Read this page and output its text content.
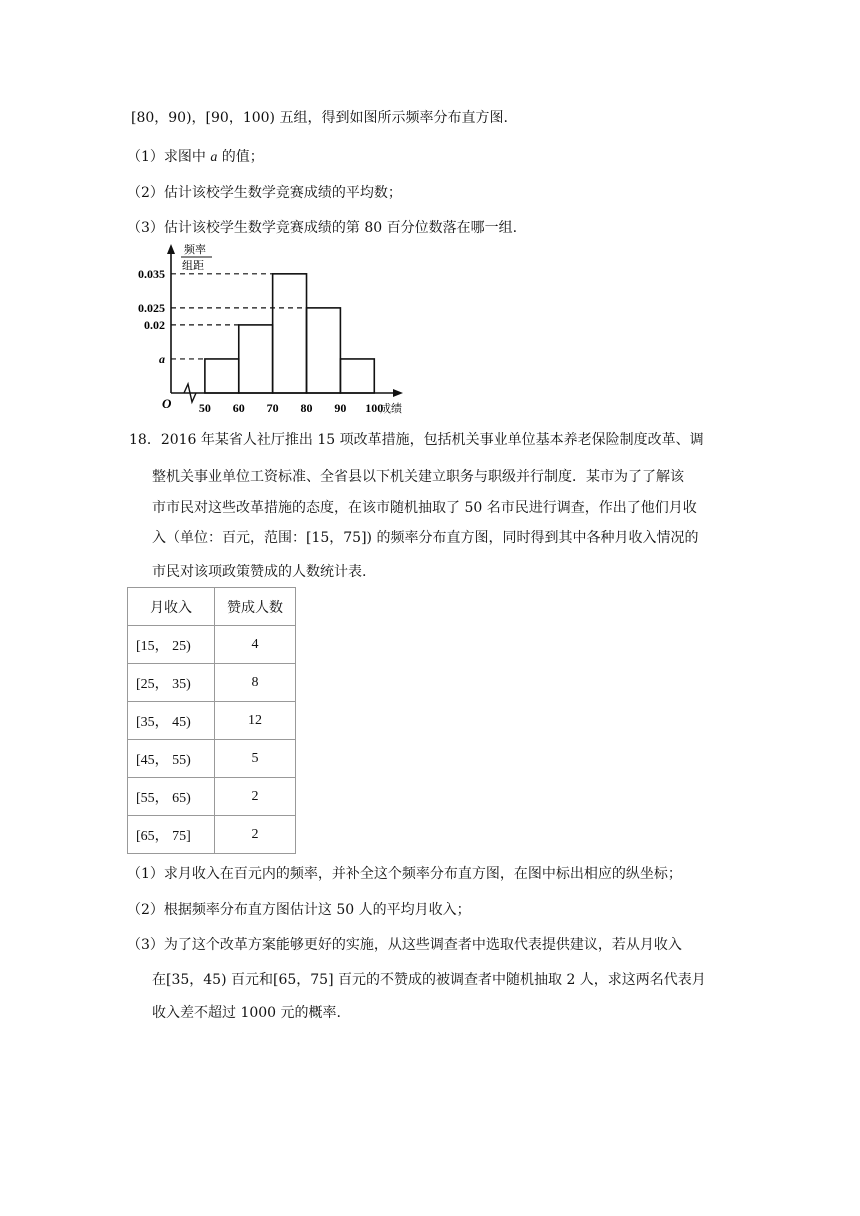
[80，90)，[90，100) 五组，得到如图所示频率分布直方图.
（1）求图中 a 的值；
（2）估计该校学生数学竞赛成绩的平均数；
（3）估计该校学生数学竞赛成绩的第 80 百分位数落在哪一组.
频率
组距
O	成绩
0.035
0.025
0.02
a
50 60 70 80 90 100
18．2016 年某省人社厅推出 15 项改革措施，包括机关事业单位基本养老保险制度改革、调
整机关事业单位工资标准、全省县以下机关建立职务与职级并行制度．某市为了了解该
市市民对这些改革措施的态度，在该市随机抽取了 50 名市民进行调查，作出了他们月收
入（单位：百元，范围：[15，75]) 的频率分布直方图，同时得到其中各种月收入情况的
市民对该项政策赞成的人数统计表.
月收入	赞成人数
[15， 25)	4
[25， 35)	8
[35， 45)	12
[45， 55)	5
[55， 65)	2
[65， 75]	2
（1）求月收入在百元内的频率，并补全这个频率分布直方图，在图中标出相应的纵坐标；
（2）根据频率分布直方图估计这 50 人的平均月收入；
（3）为了这个改革方案能够更好的实施，从这些调查者中选取代表提供建议，若从月收入
在[35，45) 百元和[65，75] 百元的不赞成的被调查者中随机抽取 2 人，求这两名代表月
收入差不超过 1000 元的概率.
